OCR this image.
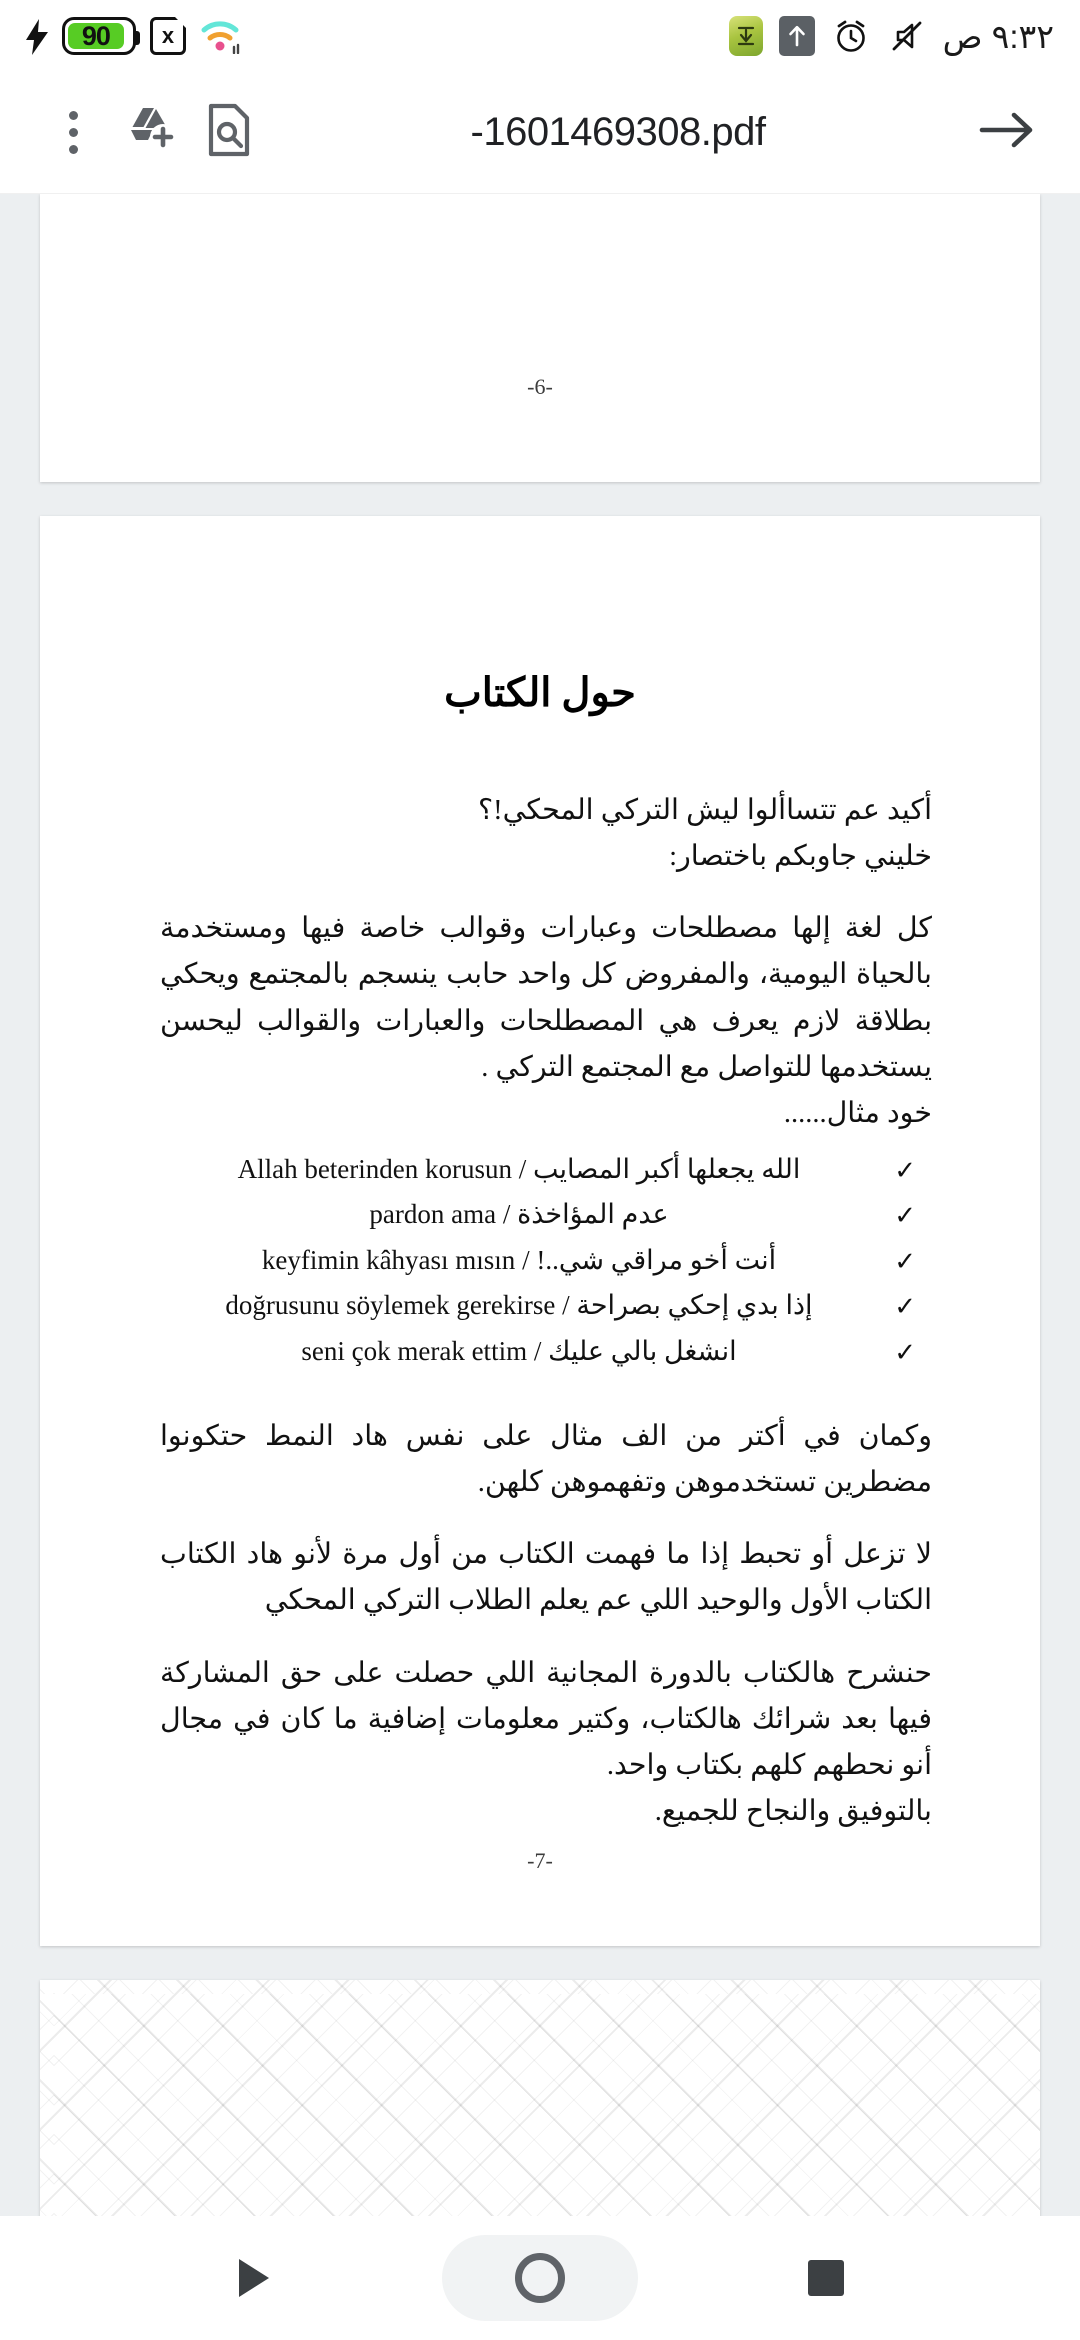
90 x	٩:٣٢ ص
-1601469308.pdf
-6-
حول الكتاب

أكيد عم تتساألوا ليش التركي المحكي!؟

خليني جاوبكم باختصار:

كل لغة إلها مصطلحات وعبارات وقوالب خاصة فيها ومستخدمة بالحياة اليومية، والمفروض كل واحد حابب ينسجم بالمجتمع ويحكي بطلاقة لازم يعرف هي المصطلحات والعبارات والقوالب ليحسن يستخدمها للتواصل مع المجتمع التركي .

خود مثال......

✓
الله يجعلها أكبر المصايب / Allah beterinden korusun
✓
عدم المؤاخذة / pardon ama
✓
أنت أخو مراقي شي..! / keyfimin kâhyası mısın
✓
إذا بدي إحكي بصراحة / doğrusunu söylemek gerekirse
✓
انشغل بالي عليك / seni çok merak ettim

وكمان في أكتر من الف مثال على نفس هاد النمط حتكونوا مضطرين تستخدموهن وتفهموهن كلهن.

لا تزعل أو تحبط إذا ما فهمت الكتاب من أول مرة لأنو هاد الكتاب الكتاب الأول والوحيد اللي عم يعلم الطلاب التركي المحكي

حنشرح هالكتاب بالدورة المجانية اللي حصلت على حق المشاركة فيها بعد شرائك هالكتاب، وكتير معلومات إضافية ما كان في مجال أنو نحطهم كلهم بكتاب واحد.

بالتوفيق والنجاح للجميع.

-7-
